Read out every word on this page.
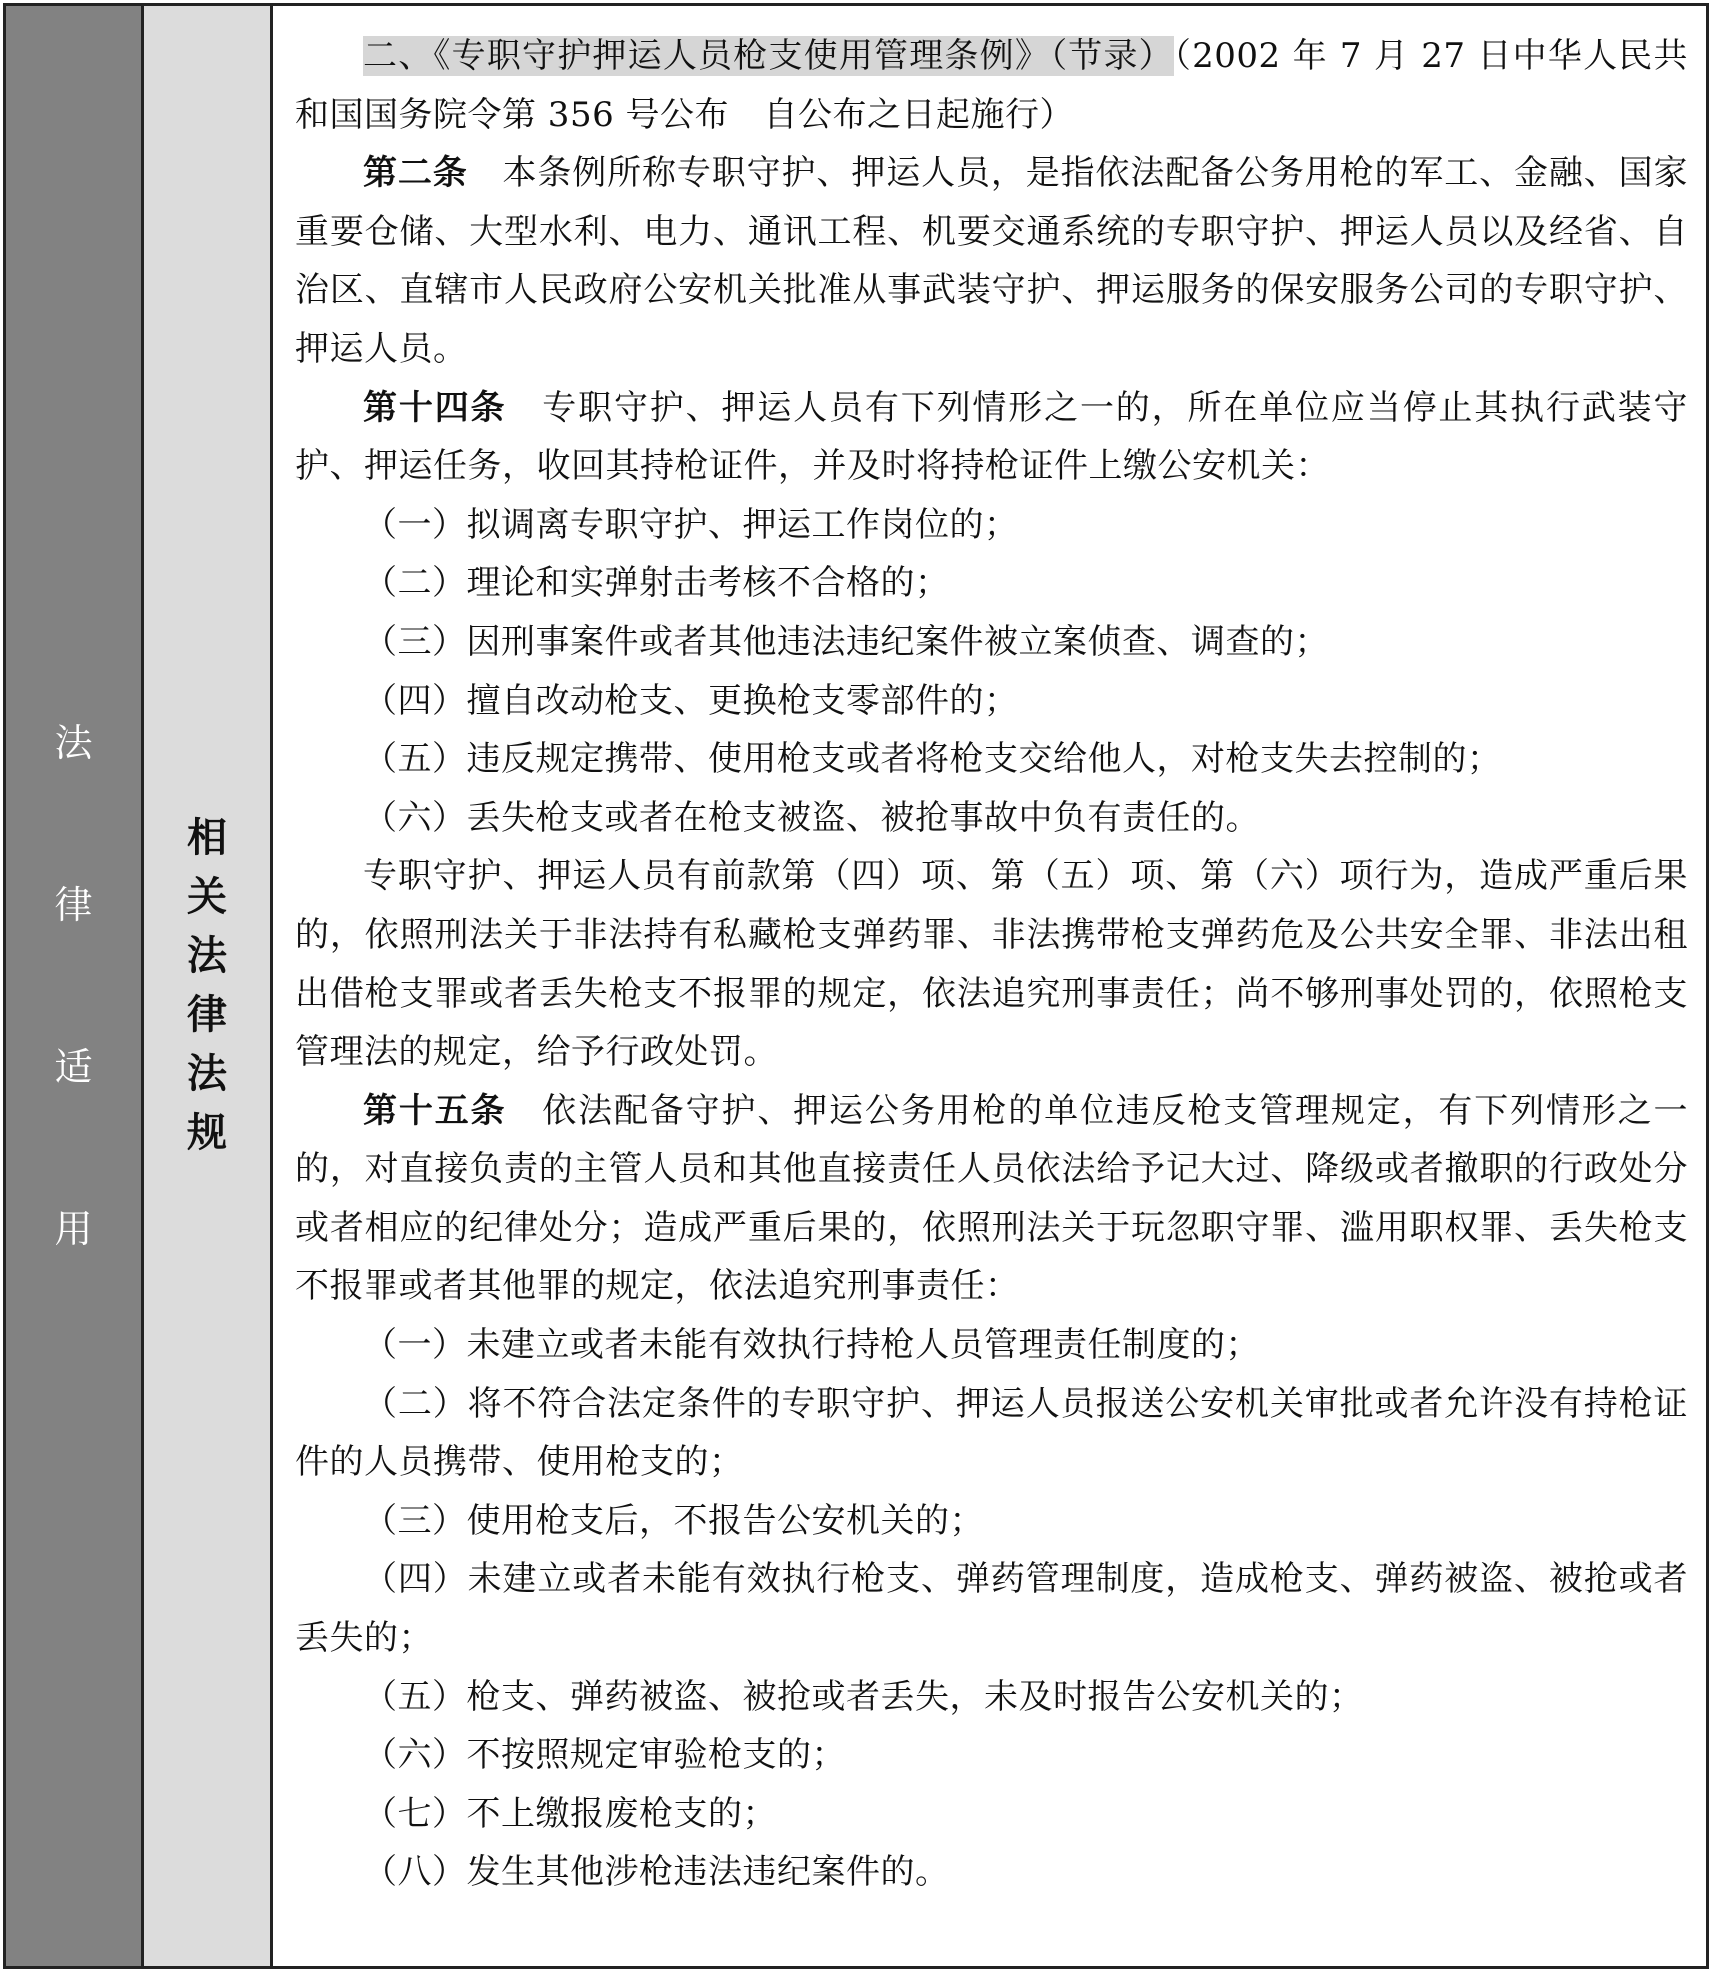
法
律
适
用
相
关
法
律
法
规

二、《专职守护押运人员枪支使用管理条例》（节录）（2002 年 7 月 27 日中华人民共和国国务院令第 356 号公布　自公布之日起施行）

第二条　 本条例所称专职守护、押运人员，是指依法配备公务用枪的军工、金融、国家重要仓储、大型水利、电力、通讯工程、机要交通系统的专职守护、押运人员以及经省、自治区、直辖市人民政府公安机关批准从事武装守护、押运服务的保安服务公司的专职守护、押运人员。

第十四条　 专职守护、押运人员有下列情形之一的，所在单位应当停止其执行武装守护、押运任务，收回其持枪证件，并及时将持枪证件上缴公安机关：

（一）拟调离专职守护、押运工作岗位的；

（二）理论和实弹射击考核不合格的；

（三）因刑事案件或者其他违法违纪案件被立案侦查、调查的；

（四）擅自改动枪支、更换枪支零部件的；

（五）违反规定携带、使用枪支或者将枪支交给他人，对枪支失去控制的；

（六）丢失枪支或者在枪支被盗、被抢事故中负有责任的。

专职守护、押运人员有前款第（四）项、第（五）项、第（六）项行为，造成严重后果的，依照刑法关于非法持有私藏枪支弹药罪、非法携带枪支弹药危及公共安全罪、非法出租出借枪支罪或者丢失枪支不报罪的规定，依法追究刑事责任；尚不够刑事处罚的，依照枪支管理法的规定，给予行政处罚。

第十五条　 依法配备守护、押运公务用枪的单位违反枪支管理规定，有下列情形之一的，对直接负责的主管人员和其他直接责任人员依法给予记大过、降级或者撤职的行政处分或者相应的纪律处分；造成严重后果的，依照刑法关于玩忽职守罪、滥用职权罪、丢失枪支不报罪或者其他罪的规定，依法追究刑事责任：

（一）未建立或者未能有效执行持枪人员管理责任制度的；

（二）将不符合法定条件的专职守护、押运人员报送公安机关审批或者允许没有持枪证件的人员携带、使用枪支的；

（三）使用枪支后，不报告公安机关的；

（四）未建立或者未能有效执行枪支、弹药管理制度，造成枪支、弹药被盗、被抢或者丢失的；

（五）枪支、弹药被盗、被抢或者丢失，未及时报告公安机关的；

（六）不按照规定审验枪支的；

（七）不上缴报废枪支的；

（八）发生其他涉枪违法违纪案件的。
